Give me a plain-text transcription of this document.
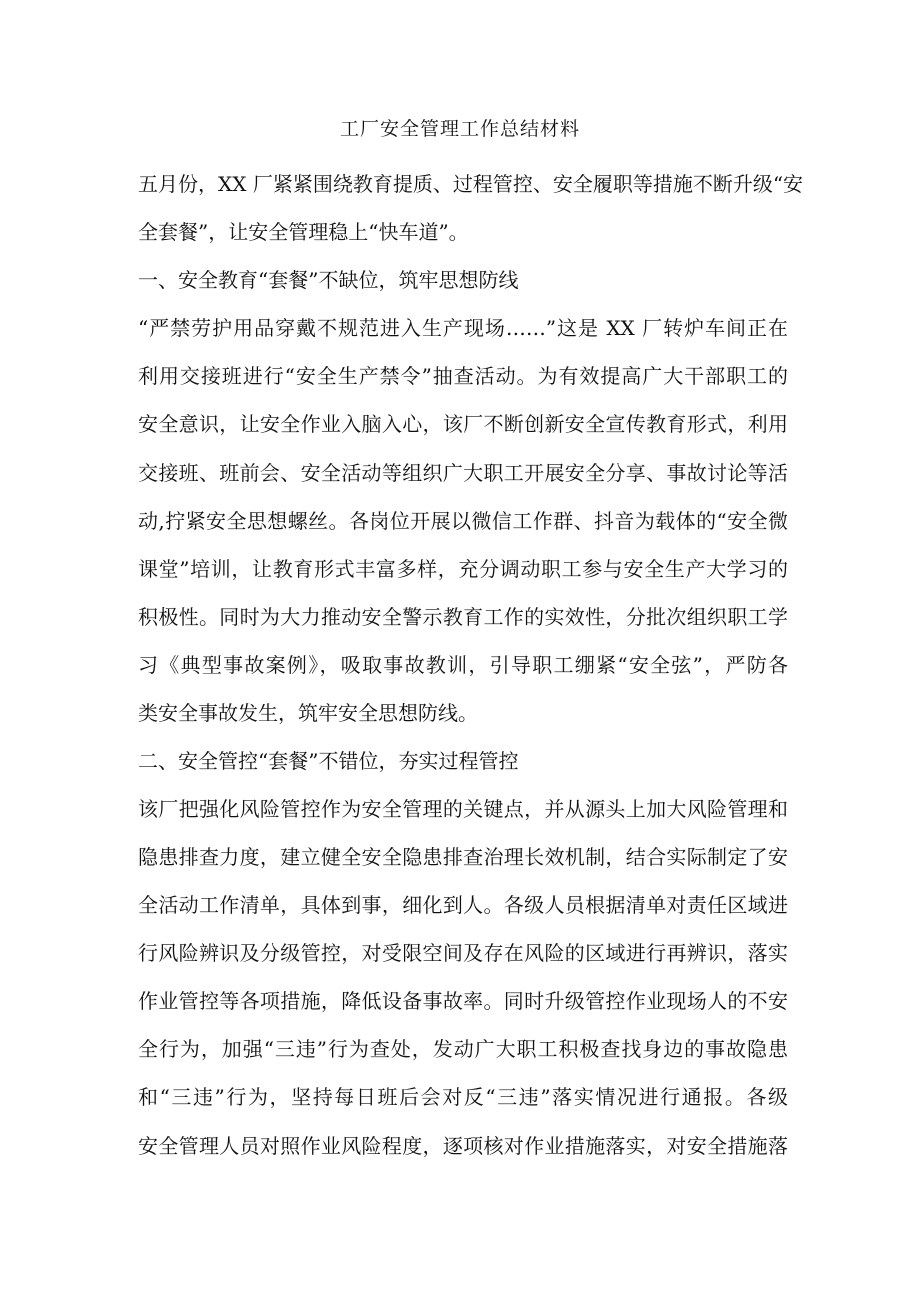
工厂安全管理工作总结材料
五月份，XX 厂紧紧围绕教育提质、过程管控、安全履职等措施不断升级“安
全套餐”，让安全管理稳上“快车道”。
一、安全教育“套餐”不缺位，筑牢思想防线
“严禁劳护用品穿戴不规范进入生产现场……”这是 XX 厂转炉车间正在
利用交接班进行“安全生产禁令”抽查活动。为有效提高广大干部职工的
安全意识，让安全作业入脑入心，该厂不断创新安全宣传教育形式，利用
交接班、班前会、安全活动等组织广大职工开展安全分享、事故讨论等活
动,拧紧安全思想螺丝。各岗位开展以微信工作群、抖音为载体的“安全微
课堂”培训，让教育形式丰富多样，充分调动职工参与安全生产大学习的
积极性。同时为大力推动安全警示教育工作的实效性，分批次组织职工学
习《典型事故案例》，吸取事故教训，引导职工绷紧“安全弦”，严防各
类安全事故发生，筑牢安全思想防线。
二、安全管控“套餐”不错位，夯实过程管控
该厂把强化风险管控作为安全管理的关键点，并从源头上加大风险管理和
隐患排查力度，建立健全安全隐患排查治理长效机制，结合实际制定了安
全活动工作清单，具体到事，细化到人。各级人员根据清单对责任区域进
行风险辨识及分级管控，对受限空间及存在风险的区域进行再辨识，落实
作业管控等各项措施，降低设备事故率。同时升级管控作业现场人的不安
全行为，加强“三违”行为查处，发动广大职工积极查找身边的事故隐患
和“三违”行为，坚持每日班后会对反“三违”落实情况进行通报。各级
安全管理人员对照作业风险程度，逐项核对作业措施落实，对安全措施落
